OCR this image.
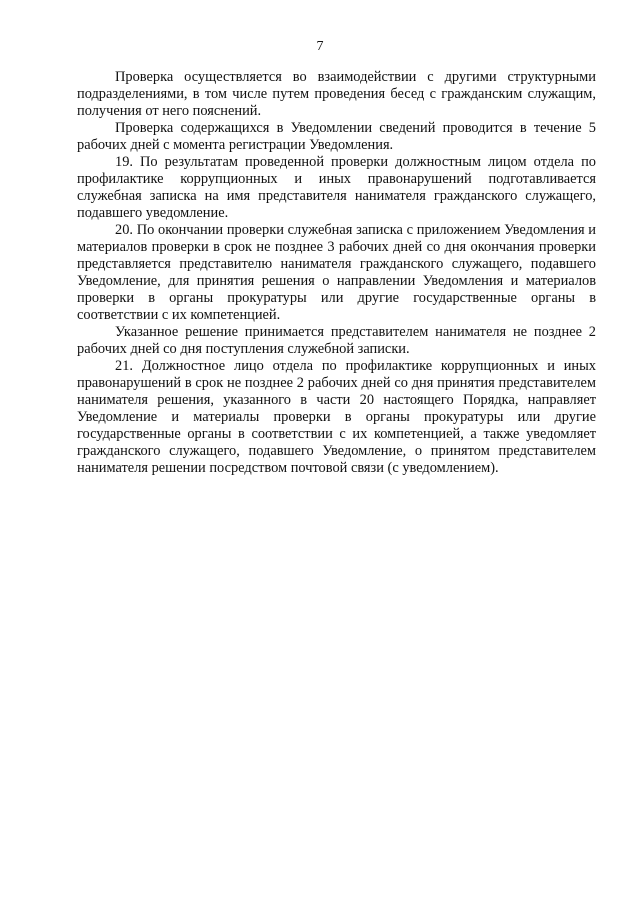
7

Проверка осуществляется во взаимодействии с другими структурными подразделениями, в том числе путем проведения бесед с гражданским служащим, получения от него пояснений.

Проверка содержащихся в Уведомлении сведений проводится в течение 5 рабочих дней с момента регистрации Уведомления.

19. По результатам проведенной проверки должностным лицом отдела по профилактике коррупционных и иных правонарушений подготавливается служебная записка на имя представителя нанимателя гражданского служащего, подавшего уведомление.

20. По окончании проверки служебная записка с приложением Уведомления и материалов проверки в срок не позднее 3 рабочих дней со дня окончания проверки представляется представителю нанимателя гражданского служащего, подавшего Уведомление, для принятия решения о направлении Уведомления и материалов проверки в органы прокуратуры или другие государственные органы в соответствии с их компетенцией.

Указанное решение принимается представителем нанимателя не позднее 2 рабочих дней со дня поступления служебной записки.

21. Должностное лицо отдела по профилактике коррупционных и иных правонарушений в срок не позднее 2 рабочих дней со дня принятия представителем нанимателя решения, указанного в части 20 настоящего Порядка, направляет Уведомление и материалы проверки в органы прокуратуры или другие государственные органы в соответствии с их компетенцией, а также уведомляет гражданского служащего, подавшего Уведомление, о принятом представителем нанимателя решении посредством почтовой связи (с уведомлением).
